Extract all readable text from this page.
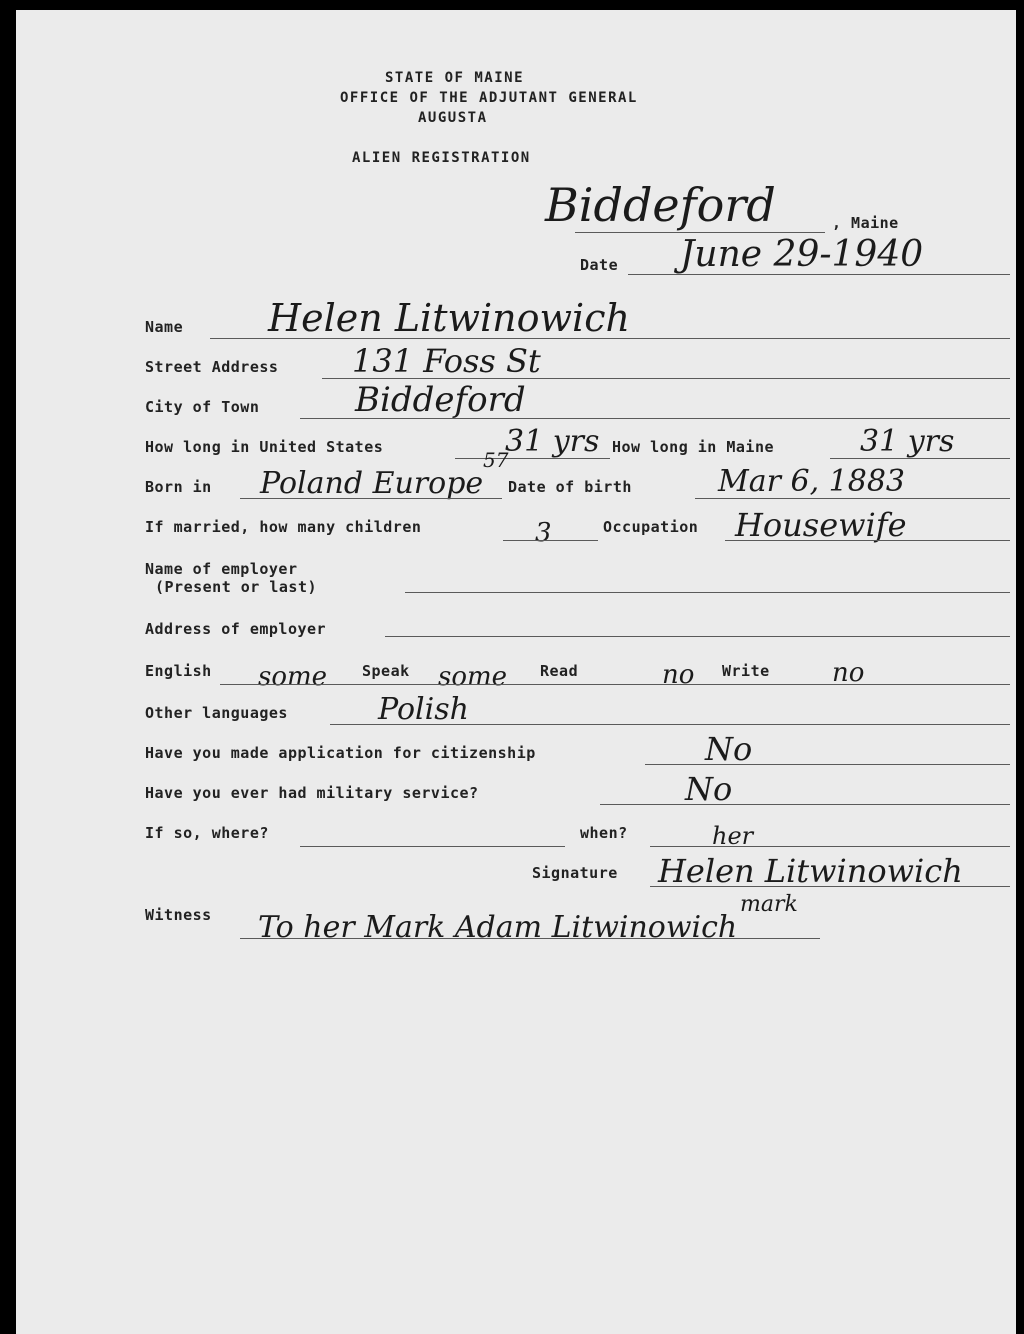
STATE OF MAINE
OFFICE OF THE ADJUTANT GENERAL
AUGUSTA
ALIEN REGISTRATION
Biddeford	, Maine
Date June 29-1940
Name Helen Litwinowich
Street Address 131 Foss St
City of Town	Biddeford
How long in United States	31 yrs How long in Maine	31 yrs
Born in Poland Europe
57
Date of birth	Mar 6, 1883
If married, how many children	3	Occupation Housewife
Name of employer
(Present or last)
Address of employer
English some Speak some Read	no Write no
Other languages	Polish
Have you made application for citizenship	No
Have you ever had military service?	No
If so, where?	when?	her
Signature Helen Litwinowich
mark
Witness To her Mark Adam Litwinowich
